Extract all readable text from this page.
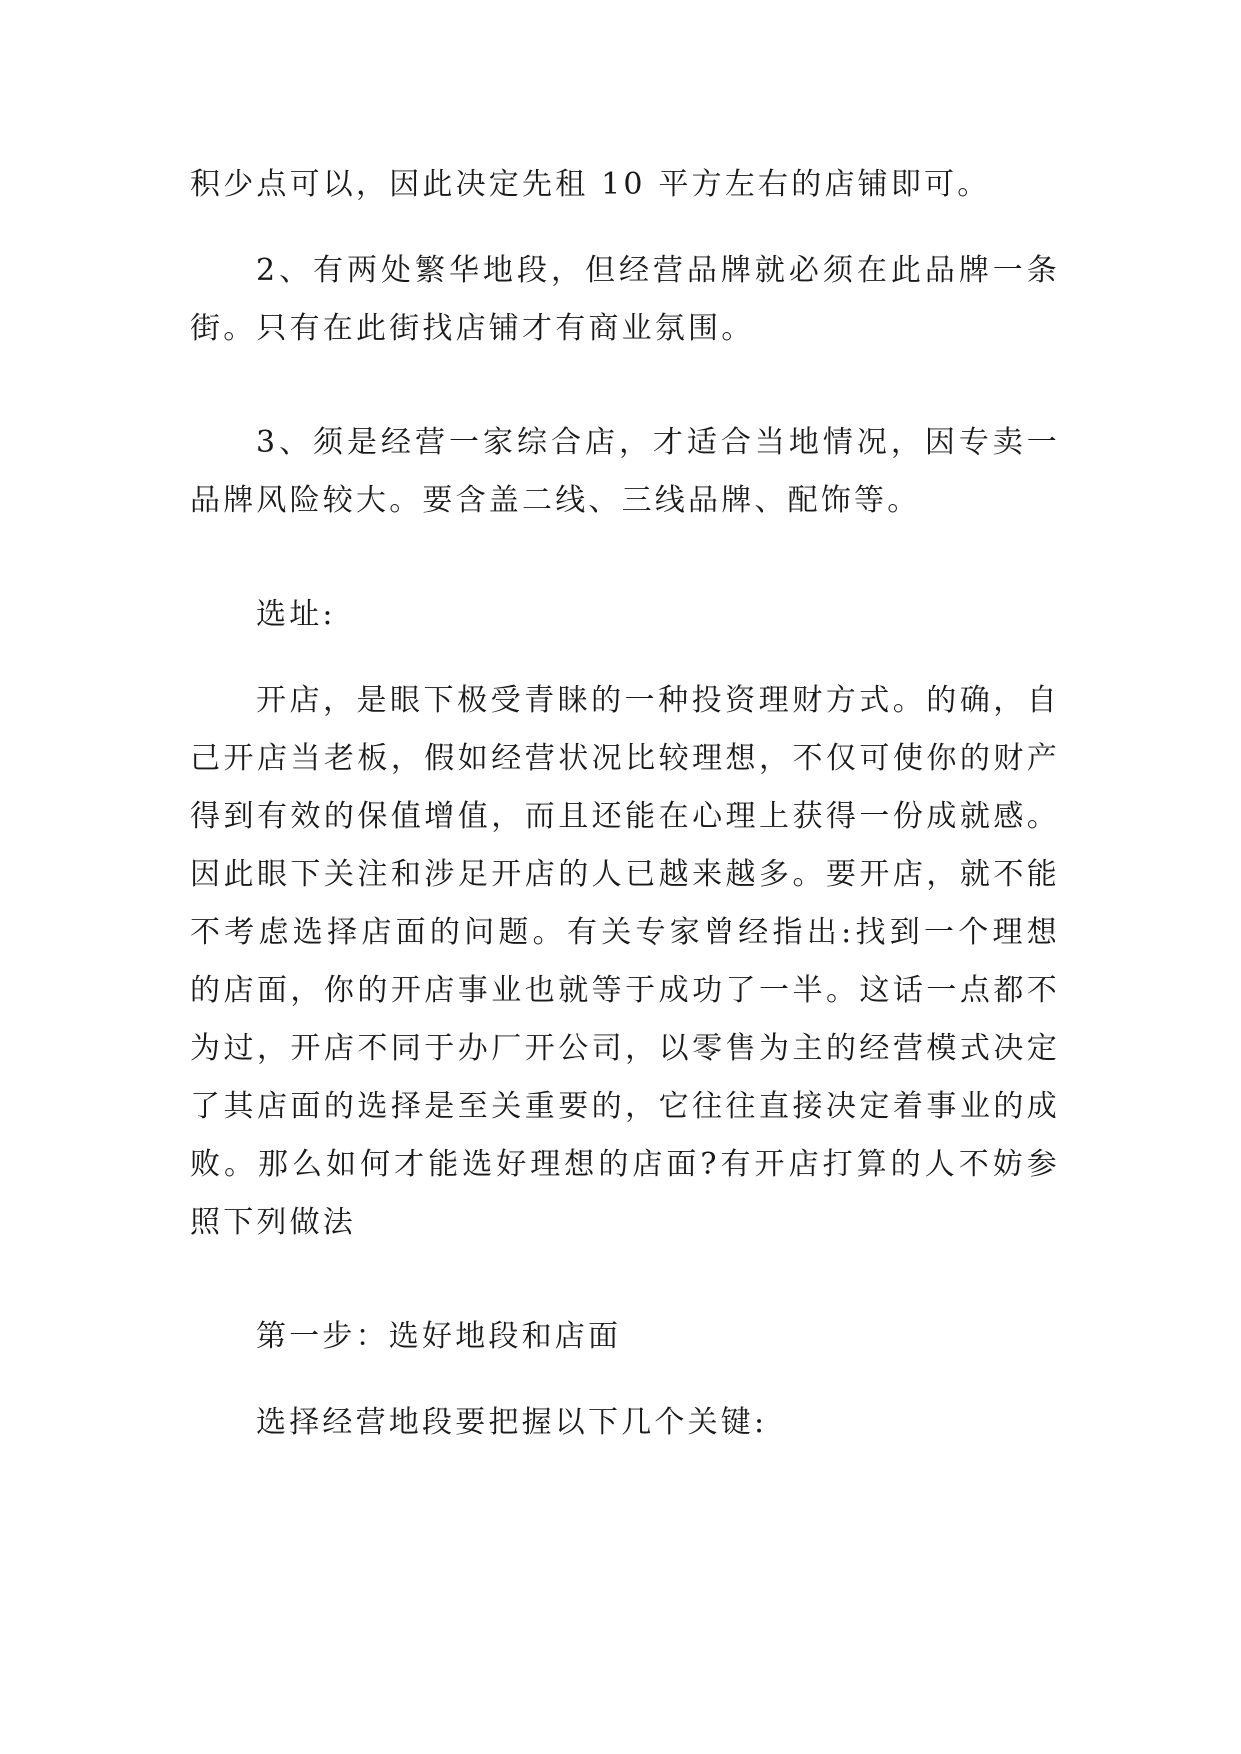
积少点可以，因此决定先租 10 平方左右的店铺即可。

2、有两处繁华地段，但经营品牌就必须在此品牌一条街。只有在此街找店铺才有商业氛围。

3、须是经营一家综合店，才适合当地情况，因专卖一品牌风险较大。要含盖二线、三线品牌、配饰等。

选址:

开店，是眼下极受青睐的一种投资理财方式。的确，自己开店当老板，假如经营状况比较理想，不仅可使你的财产得到有效的保值增值，而且还能在心理上获得一份成就感。因此眼下关注和涉足开店的人已越来越多。要开店，就不能不考虑选择店面的问题。有关专家曾经指出:找到一个理想的店面，你的开店事业也就等于成功了一半。这话一点都不为过，开店不同于办厂开公司，以零售为主的经营模式决定了其店面的选择是至关重要的，它往往直接决定着事业的成败。那么如何才能选好理想的店面?有开店打算的人不妨参照下列做法

第一步：选好地段和店面

选择经营地段要把握以下几个关键:
